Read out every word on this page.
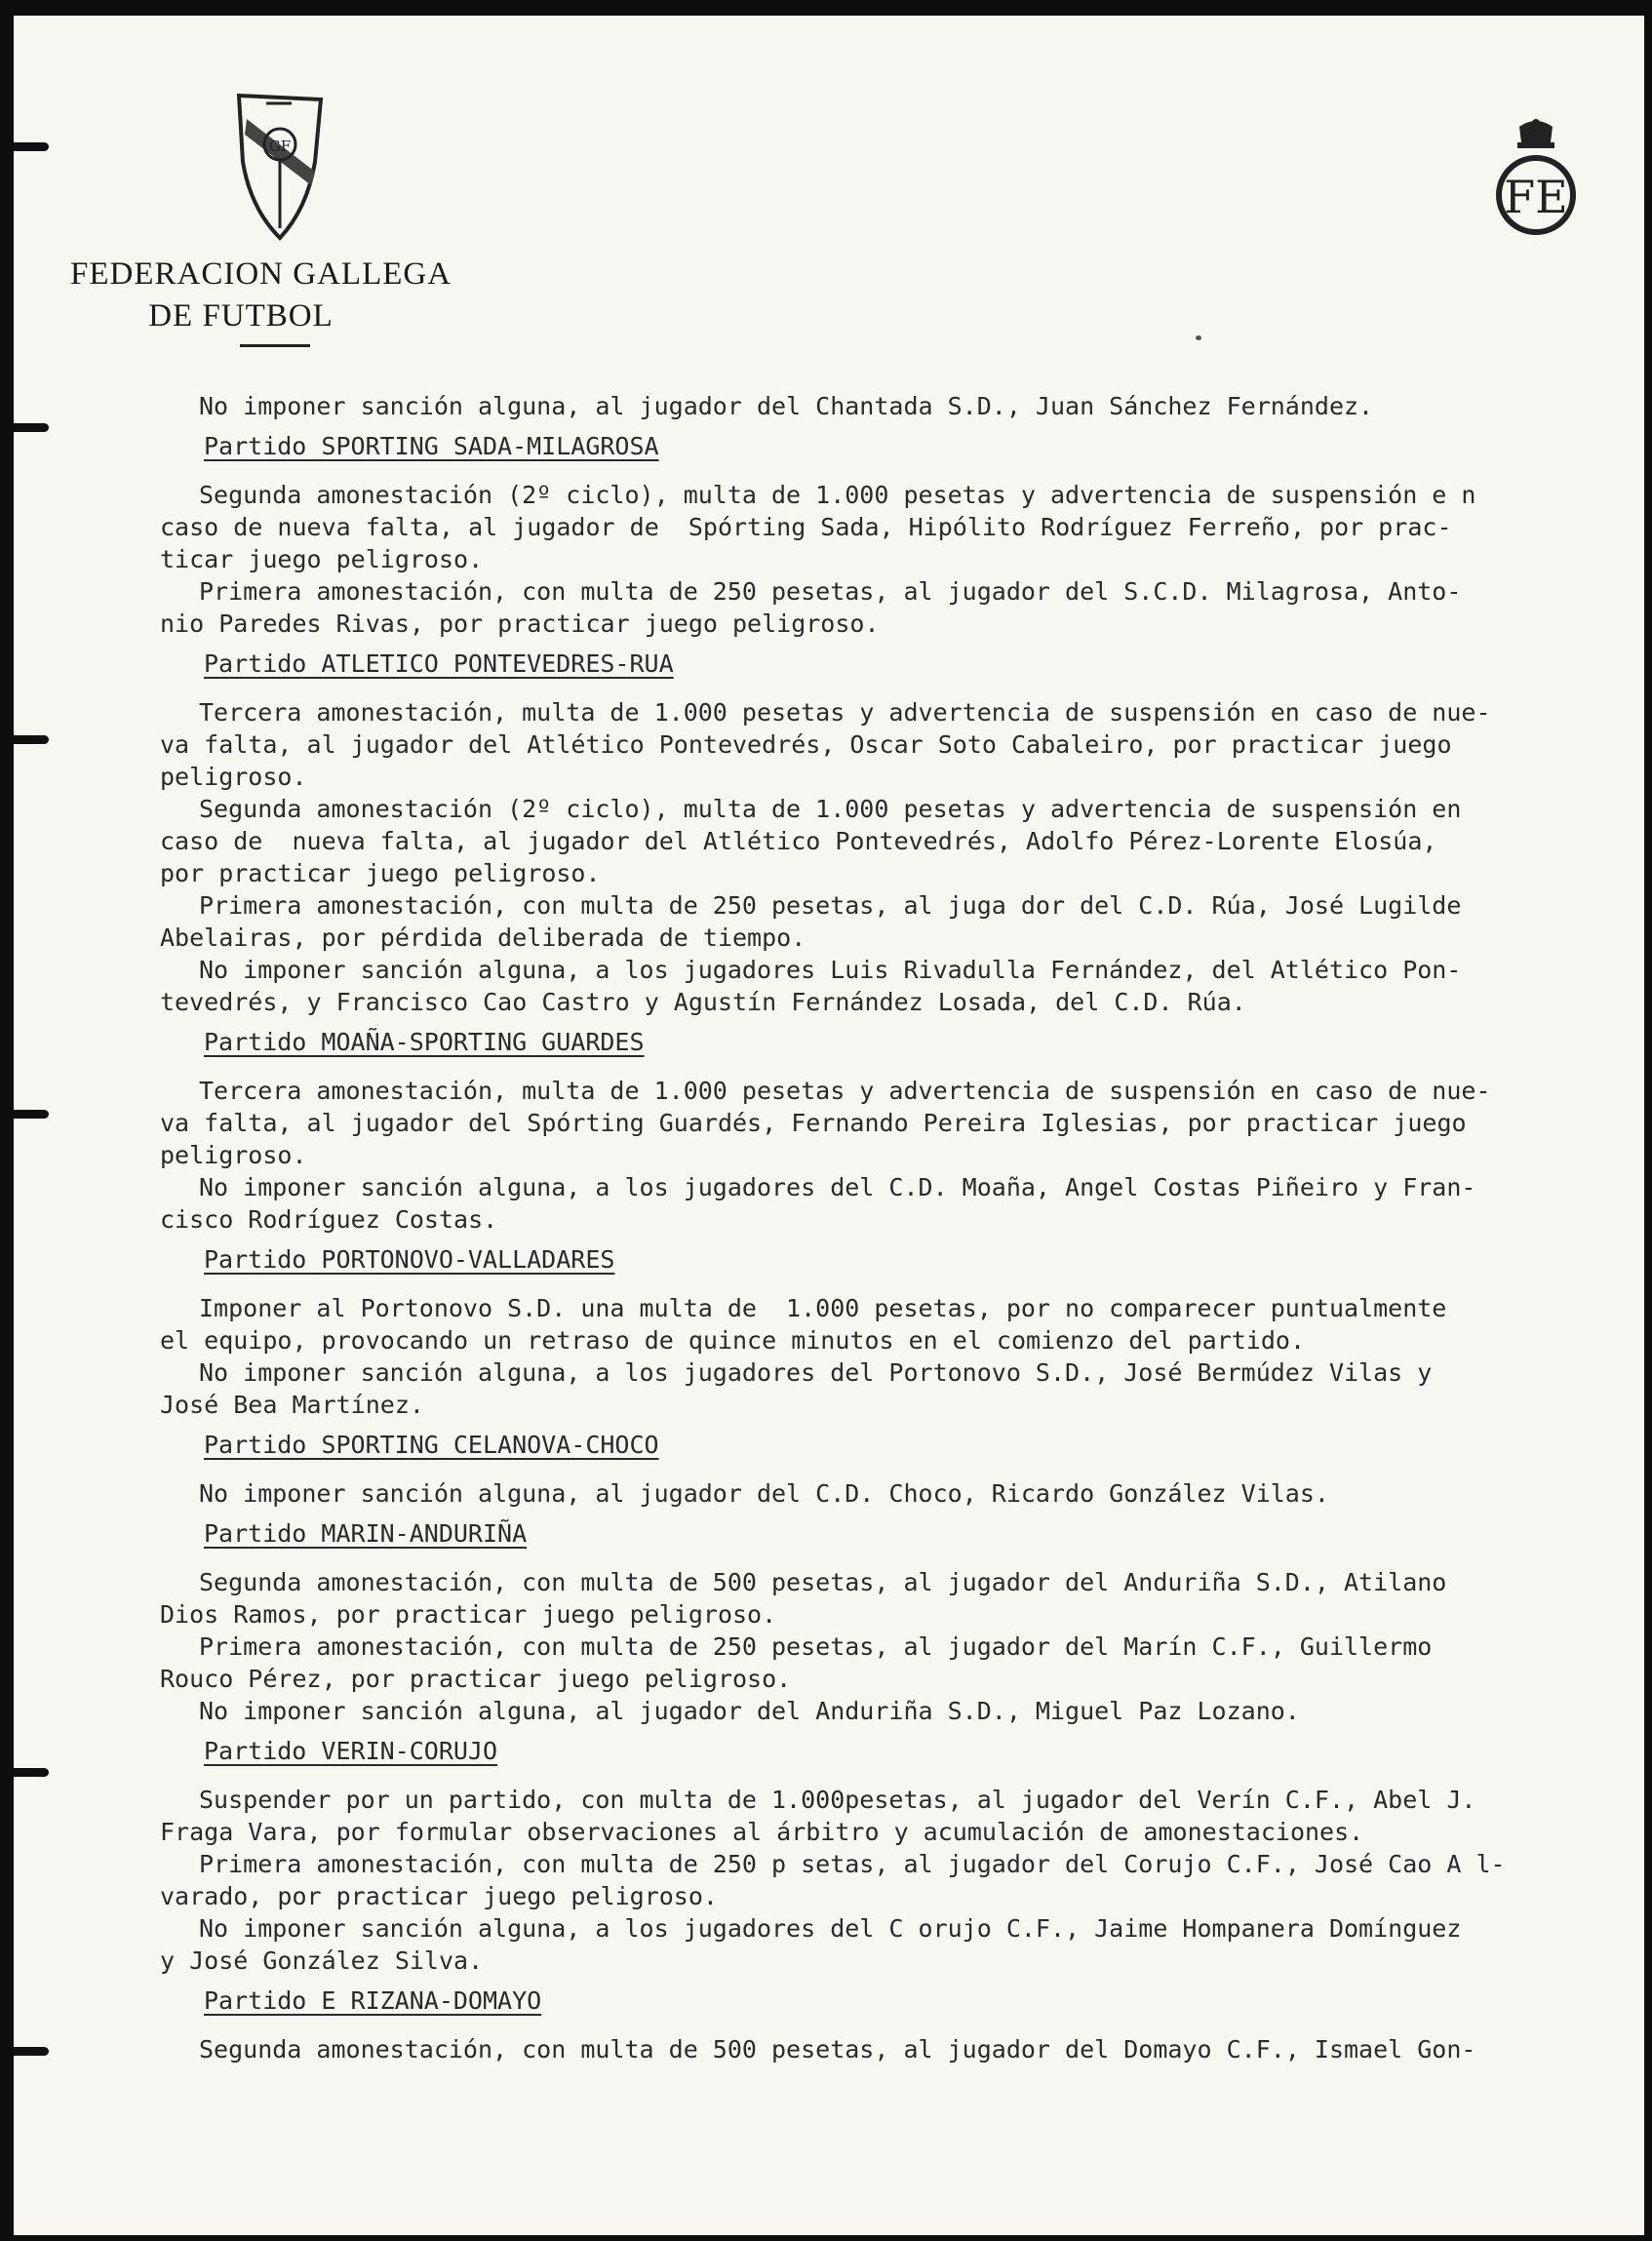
GF
FEDERACION GALLEGA
DE FUTBOL
FE
No imponer sanción alguna, al jugador del Chantada S.D., Juan Sánchez Fernández.
Partido SPORTING SADA-MILAGROSA
Segunda amonestación (2º ciclo), multa de 1.000 pesetas y advertencia de suspensión e n
caso de nueva falta, al jugador de  Spórting Sada, Hipólito Rodríguez Ferreño, por prac-
ticar juego peligroso.
Primera amonestación, con multa de 250 pesetas, al jugador del S.C.D. Milagrosa, Anto-
nio Paredes Rivas, por practicar juego peligroso.
Partido ATLETICO PONTEVEDRES-RUA
Tercera amonestación, multa de 1.000 pesetas y advertencia de suspensión en caso de nue-
va falta, al jugador del Atlético Pontevedrés, Oscar Soto Cabaleiro, por practicar juego
peligroso.
Segunda amonestación (2º ciclo), multa de 1.000 pesetas y advertencia de suspensión en
caso de  nueva falta, al jugador del Atlético Pontevedrés, Adolfo Pérez-Lorente Elosúa,
por practicar juego peligroso.
Primera amonestación, con multa de 250 pesetas, al juga dor del C.D. Rúa, José Lugilde
Abelairas, por pérdida deliberada de tiempo.
No imponer sanción alguna, a los jugadores Luis Rivadulla Fernández, del Atlético Pon-
tevedrés, y Francisco Cao Castro y Agustín Fernández Losada, del C.D. Rúa.
Partido MOAÑA-SPORTING GUARDES
Tercera amonestación, multa de 1.000 pesetas y advertencia de suspensión en caso de nue-
va falta, al jugador del Spórting Guardés, Fernando Pereira Iglesias, por practicar juego
peligroso.
No imponer sanción alguna, a los jugadores del C.D. Moaña, Angel Costas Piñeiro y Fran-
cisco Rodríguez Costas.
Partido PORTONOVO-VALLADARES
Imponer al Portonovo S.D. una multa de  1.000 pesetas, por no comparecer puntualmente
el equipo, provocando un retraso de quince minutos en el comienzo del partido.
No imponer sanción alguna, a los jugadores del Portonovo S.D., José Bermúdez Vilas y
José Bea Martínez.
Partido SPORTING CELANOVA-CHOCO
No imponer sanción alguna, al jugador del C.D. Choco, Ricardo González Vilas.
Partido MARIN-ANDURIÑA
Segunda amonestación, con multa de 500 pesetas, al jugador del Anduriña S.D., Atilano
Dios Ramos, por practicar juego peligroso.
Primera amonestación, con multa de 250 pesetas, al jugador del Marín C.F., Guillermo
Rouco Pérez, por practicar juego peligroso.
No imponer sanción alguna, al jugador del Anduriña S.D., Miguel Paz Lozano.
Partido VERIN-CORUJO
Suspender por un partido, con multa de 1.000pesetas, al jugador del Verín C.F., Abel J.
Fraga Vara, por formular observaciones al árbitro y acumulación de amonestaciones.
Primera amonestación, con multa de 250 p setas, al jugador del Corujo C.F., José Cao A l-
varado, por practicar juego peligroso.
No imponer sanción alguna, a los jugadores del C orujo C.F., Jaime Hompanera Domínguez
y José González Silva.
Partido E RIZANA-DOMAYO
Segunda amonestación, con multa de 500 pesetas, al jugador del Domayo C.F., Ismael Gon-
